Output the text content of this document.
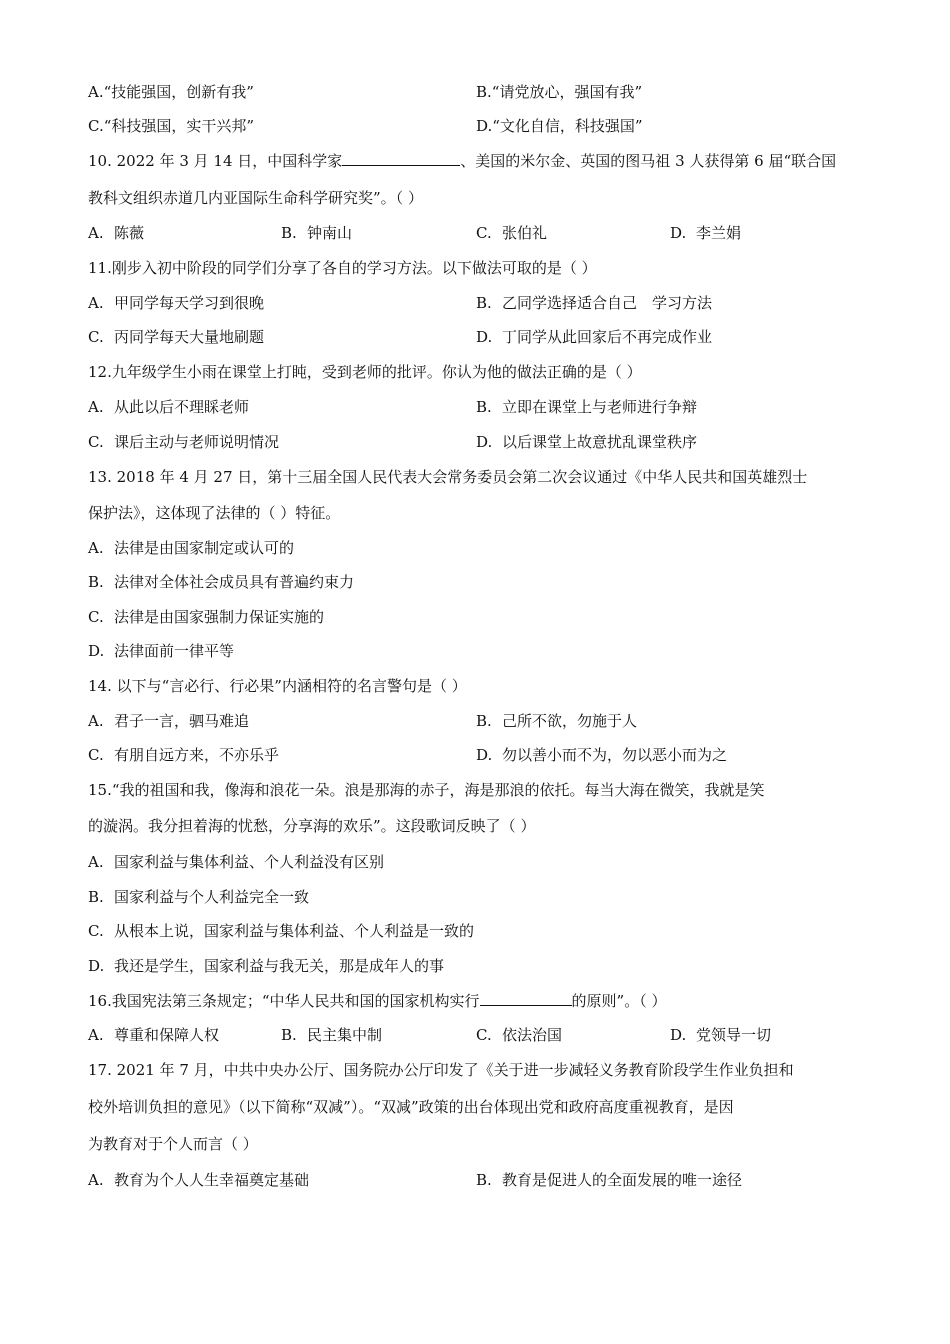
A.“技能强国，创新有我”	B.“请党放心，强国有我”
C.“科技强国，实干兴邦”	D.“文化自信，科技强国”
10. 2022 年 3 月 14 日，中国科学家	、美国的米尔金、英国的图马祖 3 人获得第 6 届“联合国
教科文组织赤道几内亚国际生命科学研究奖”。（ ）
A. 陈薇	B. 钟南山	C. 张伯礼	D. 李兰娟
11.刚步入初中阶段的同学们分享了各自的学习方法。以下做法可取的是（ ）
A. 甲同学每天学习到很晚	B. 乙同学选择适合自己　学习方法
C. 丙同学每天大量地刷题	D. 丁同学从此回家后不再完成作业
12.九年级学生小雨在课堂上打盹，受到老师的批评。你认为他的做法正确的是（ ）
A. 从此以后不理睬老师	B. 立即在课堂上与老师进行争辩
C. 课后主动与老师说明情况	D. 以后课堂上故意扰乱课堂秩序
13. 2018 年 4 月 27 日，第十三届全国人民代表大会常务委员会第二次会议通过《中华人民共和国英雄烈士
保护法》，这体现了法律的（ ）特征。
A. 法律是由国家制定或认可的
B. 法律对全体社会成员具有普遍约束力
C. 法律是由国家强制力保证实施的
D. 法律面前一律平等
14. 以下与“言必行、行必果”内涵相符的名言警句是（ ）
A. 君子一言，驷马难追	B. 己所不欲，勿施于人
C. 有朋自远方来，不亦乐乎	D. 勿以善小而不为，勿以恶小而为之
15.“我的祖国和我，像海和浪花一朵。浪是那海的赤子，海是那浪的依托。每当大海在微笑，我就是笑
的漩涡。我分担着海的忧愁，分享海的欢乐”。这段歌词反映了（ ）
A. 国家利益与集体利益、个人利益没有区别
B. 国家利益与个人利益完全一致
C. 从根本上说，国家利益与集体利益、个人利益是一致的
D. 我还是学生，国家利益与我无关，那是成年人的事
16.我国宪法第三条规定；“中华人民共和国的国家机构实行	的原则”。（ ）
A. 尊重和保障人权	B. 民主集中制	C. 依法治国	D. 党领导一切
17. 2021 年 7 月，中共中央办公厅、国务院办公厅印发了《关于进一步减轻义务教育阶段学生作业负担和
校外培训负担的意见》（以下简称“双减”）。“双减”政策的出台体现出党和政府高度重视教育，是因
为教育对于个人而言（ ）
A. 教育为个人人生幸福奠定基础	B. 教育是促进人的全面发展的唯一途径
